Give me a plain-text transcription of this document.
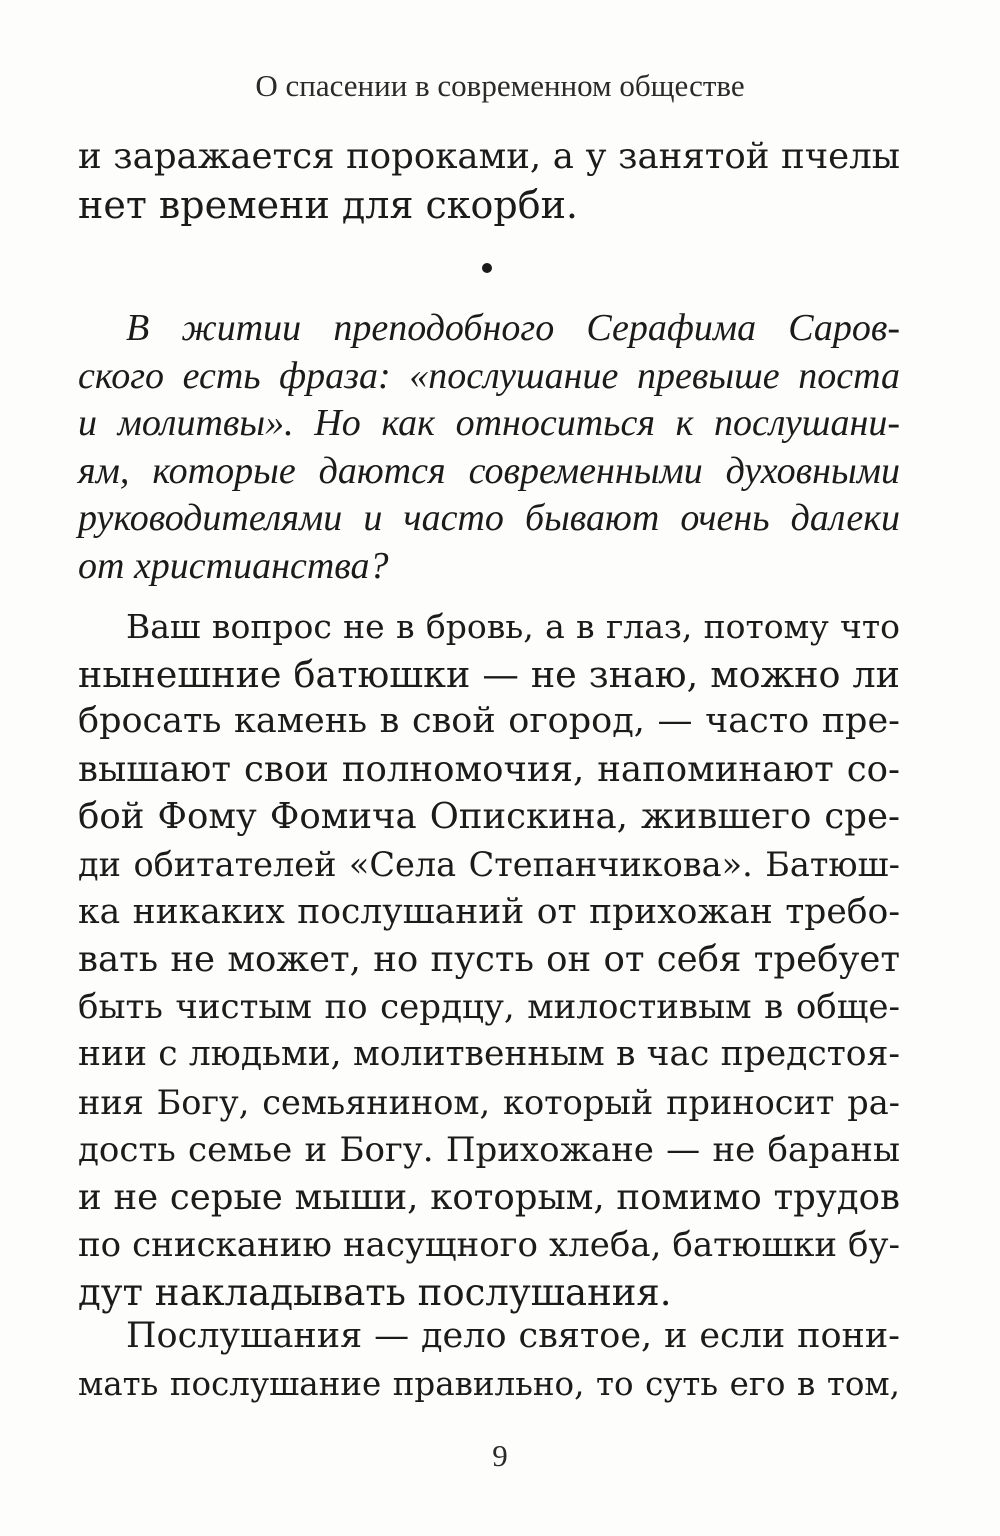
О спасении в современном обществе
и заражается пороками, а у занятой пчелы
нет времени для скорби.
В житии преподобного Серафима Саров-
ского есть фраза: «послушание превыше поста
и молитвы». Но как относиться к послушани-
ям, которые даются современными духовными
руководителями и часто бывают очень далеки
от христианства?
Ваш вопрос не в бровь, а в глаз, потому что
нынешние батюшки — не знаю, можно ли
бросать камень в свой огород, — часто пре-
вышают свои полномочия, напоминают со-
бой Фому Фомича Опискина, жившего сре-
ди обитателей «Села Степанчикова». Батюш-
ка никаких послушаний от прихожан требо-
вать не может, но пусть он от себя требует
быть чистым по сердцу, милостивым в обще-
нии с людьми, молитвенным в час предстоя-
ния Богу, семьянином, который приносит ра-
дость семье и Богу. Прихожане — не бараны
и не серые мыши, которым, помимо трудов
по снисканию насущного хлеба, батюшки бу-
дут накладывать послушания.
Послушания — дело святое, и если пони-
мать послушание правильно, то суть его в том,
9
